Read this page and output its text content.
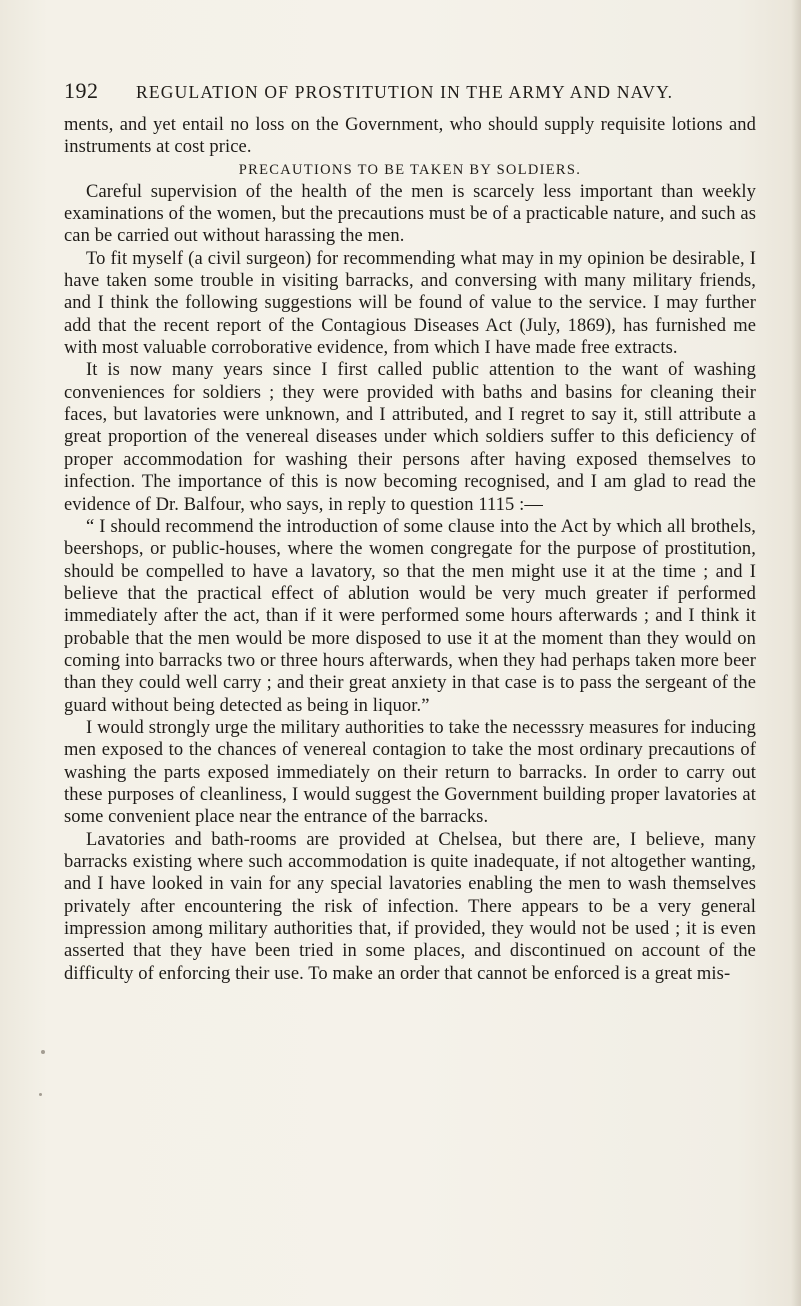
192 REGULATION OF PROSTITUTION IN THE ARMY AND NAVY.

ments, and yet entail no loss on the Government, who should supply requisite lotions and instruments at cost price.

PRECAUTIONS TO BE TAKEN BY SOLDIERS.

Careful supervision of the health of the men is scarcely less important than weekly examinations of the women, but the precautions must be of a practicable nature, and such as can be carried out without harassing the men.

To fit myself (a civil surgeon) for recommending what may in my opinion be desirable, I have taken some trouble in visiting barracks, and conversing with many military friends, and I think the following suggestions will be found of value to the service. I may further add that the recent report of the Contagious Diseases Act (July, 1869), has furnished me with most valuable corroborative evidence, from which I have made free extracts.

It is now many years since I first called public attention to the want of washing conveniences for soldiers ; they were provided with baths and basins for cleaning their faces, but lavatories were unknown, and I attributed, and I regret to say it, still attribute a great proportion of the venereal diseases under which soldiers suffer to this deficiency of proper accommodation for washing their persons after having exposed themselves to infection. The importance of this is now becoming recognised, and I am glad to read the evidence of Dr. Balfour, who says, in reply to question 1115 :—

“ I should recommend the introduction of some clause into the Act by which all brothels, beershops, or public-houses, where the women congregate for the purpose of prostitution, should be compelled to have a lavatory, so that the men might use it at the time ; and I believe that the practical effect of ablution would be very much greater if performed immediately after the act, than if it were performed some hours afterwards ; and I think it probable that the men would be more disposed to use it at the moment than they would on coming into barracks two or three hours afterwards, when they had perhaps taken more beer than they could well carry ; and their great anxiety in that case is to pass the sergeant of the guard without being detected as being in liquor.”

I would strongly urge the military authorities to take the necesssry measures for inducing men exposed to the chances of venereal contagion to take the most ordinary precautions of washing the parts exposed immediately on their return to barracks. In order to carry out these purposes of cleanliness, I would suggest the Government building proper lavatories at some convenient place near the entrance of the barracks.

Lavatories and bath-rooms are provided at Chelsea, but there are, I believe, many barracks existing where such accommodation is quite inadequate, if not altogether wanting, and I have looked in vain for any special lavatories enabling the men to wash themselves privately after encountering the risk of infection. There appears to be a very general impression among military authorities that, if provided, they would not be used ; it is even asserted that they have been tried in some places, and discontinued on account of the difficulty of enforcing their use. To make an order that cannot be enforced is a great mis-
